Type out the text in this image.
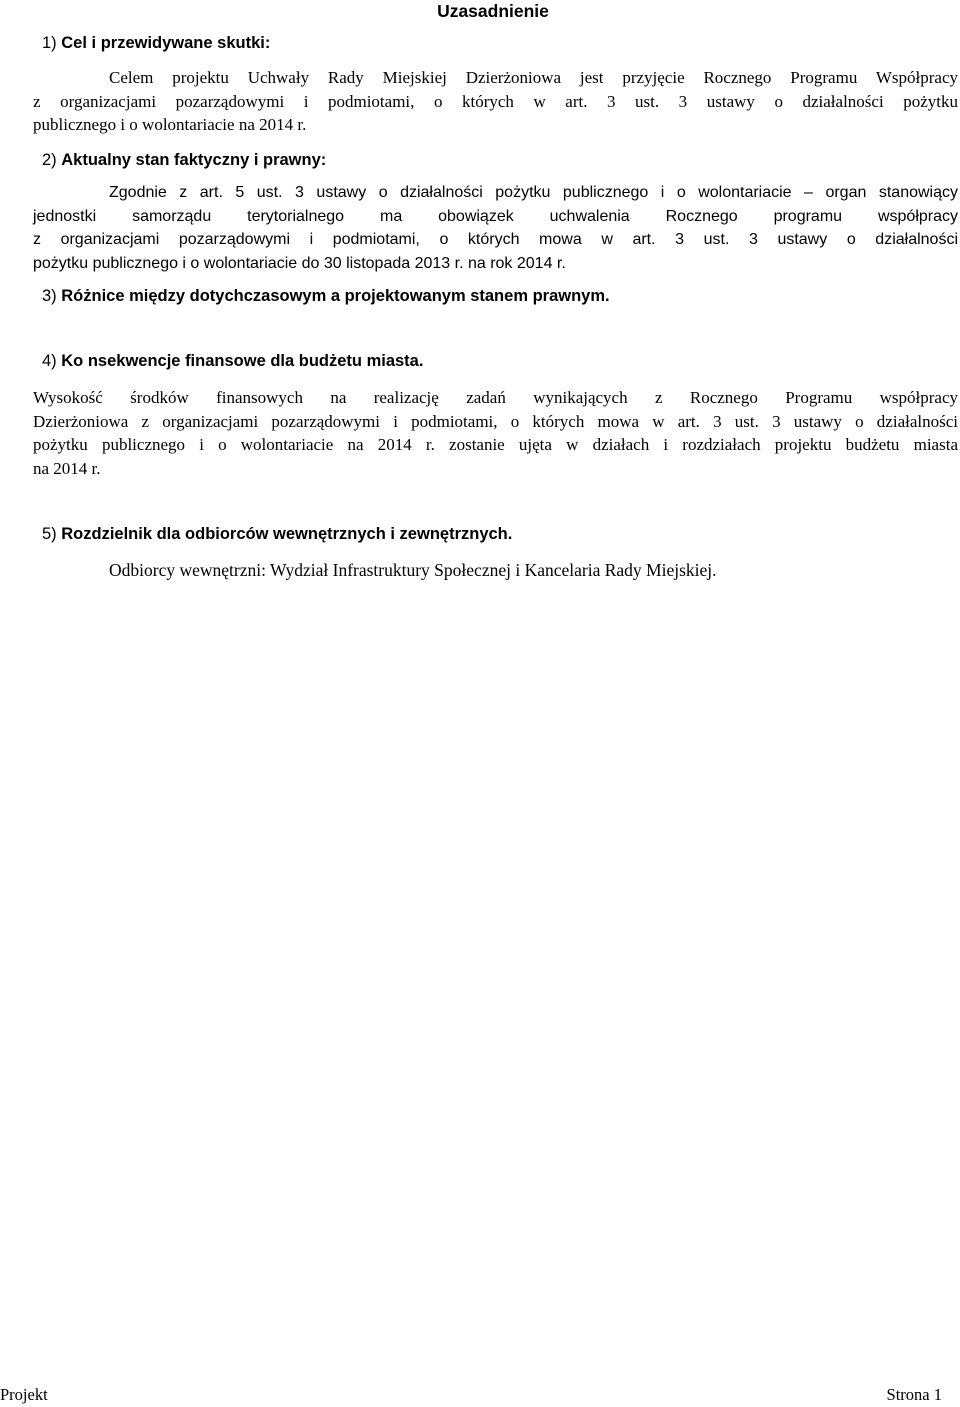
Uzasadnienie
1) Cel i przewidywane skutki:
Celem projektu Uchwały Rady Miejskiej Dzierżoniowa jest przyjęcie Rocznego Programu Współpracy
z organizacjami pozarządowymi i podmiotami, o których w art. 3 ust. 3 ustawy o działalności pożytku
publicznego i o wolontariacie na 2014 r.
2) Aktualny stan faktyczny i prawny:
Zgodnie z art. 5 ust. 3 ustawy o działalności pożytku publicznego i o wolontariacie – organ stanowiący
jednostki samorządu terytorialnego ma obowiązek uchwalenia Rocznego programu współpracy
z organizacjami pozarządowymi i podmiotami, o których mowa w art. 3 ust. 3 ustawy o działalności
pożytku publicznego i o wolontariacie do 30 listopada 2013 r. na rok 2014 r.
3) Różnice między dotychczasowym a projektowanym stanem prawnym.
4) Ko nsekwencje finansowe dla budżetu miasta.
Wysokość środków finansowych na realizację zadań wynikających z Rocznego Programu współpracy
Dzierżoniowa z organizacjami pozarządowymi i podmiotami, o których mowa w art. 3 ust. 3 ustawy o działalności
pożytku publicznego i o wolontariacie na 2014 r. zostanie ujęta w działach i rozdziałach projektu budżetu miasta
na 2014 r.
5) Rozdzielnik dla odbiorców wewnętrznych i zewnętrznych.
Odbiorcy wewnętrzni: Wydział Infrastruktury Społecznej i Kancelaria Rady Miejskiej.
Projekt	Strona 1
